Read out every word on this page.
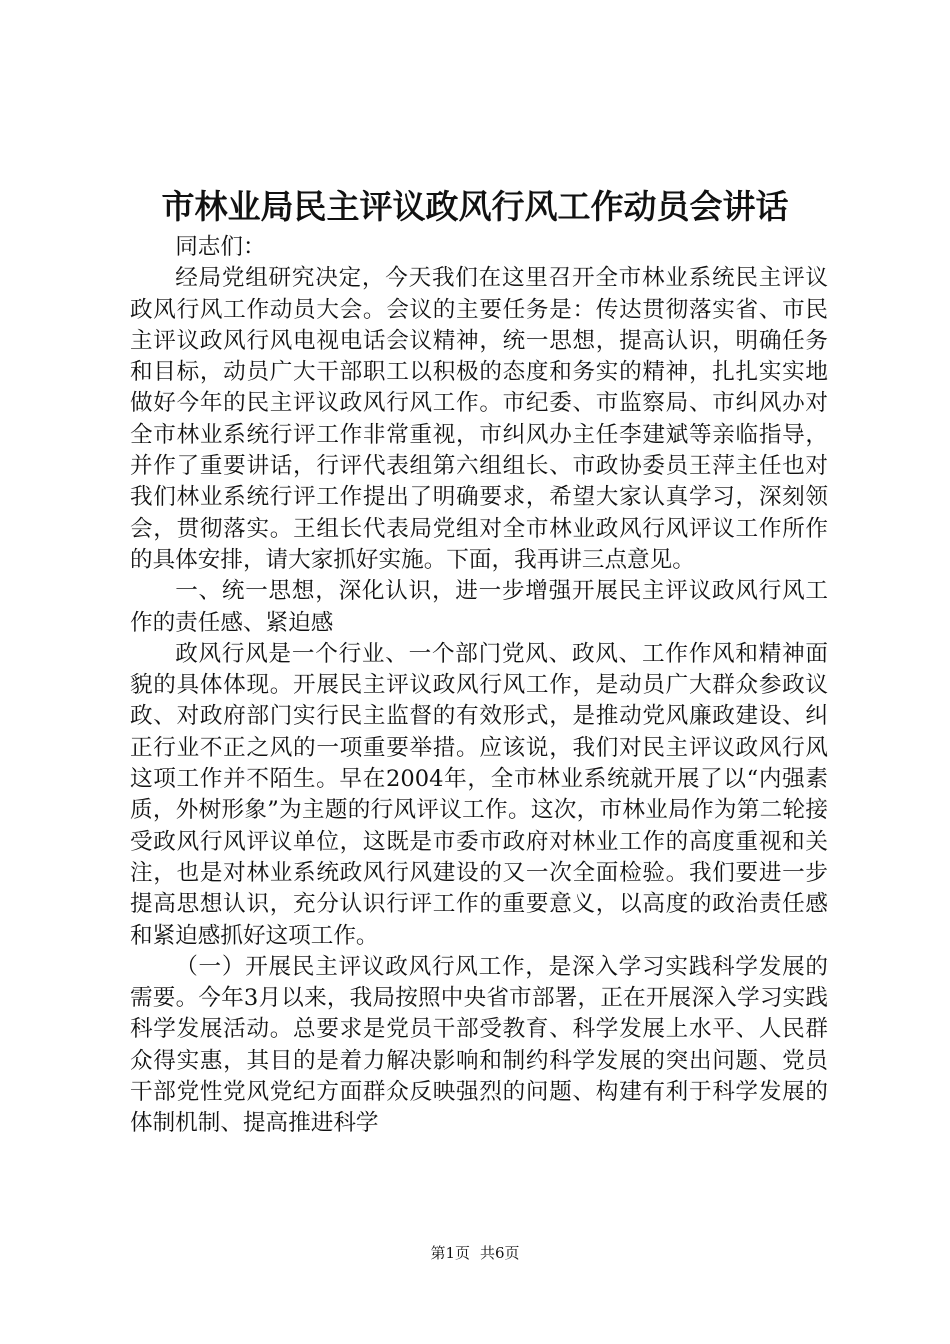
市林业局民主评议政风行风工作动员会讲话

同志们：

经局党组研究决定，今天我们在这里召开全市林业系统民主评议政风行风工作动员大会。会议的主要任务是：传达贯彻落实省、市民主评议政风行风电视电话会议精神，统一思想，提高认识，明确任务和目标，动员广大干部职工以积极的态度和务实的精神，扎扎实实地做好今年的民主评议政风行风工作。市纪委、市监察局、市纠风办对全市林业系统行评工作非常重视，市纠风办主任李建斌等亲临指导，并作了重要讲话，行评代表组第六组组长、市政协委员王萍主任也对我们林业系统行评工作提出了明确要求，希望大家认真学习，深刻领会，贯彻落实。王组长代表局党组对全市林业政风行风评议工作所作的具体安排，请大家抓好实施。下面，我再讲三点意见。

一、统一思想，深化认识，进一步增强开展民主评议政风行风工作的责任感、紧迫感

政风行风是一个行业、一个部门党风、政风、工作作风和精神面貌的具体体现。开展民主评议政风行风工作，是动员广大群众参政议政、对政府部门实行民主监督的有效形式，是推动党风廉政建设、纠正行业不正之风的一项重要举措。应该说，我们对民主评议政风行风这项工作并不陌生。早在2004年，全市林业系统就开展了以“内强素质，外树形象”为主题的行风评议工作。这次，市林业局作为第二轮接受政风行风评议单位，这既是市委市政府对林业工作的高度重视和关注，也是对林业系统政风行风建设的又一次全面检验。我们要进一步提高思想认识，充分认识行评工作的重要意义，以高度的政治责任感和紧迫感抓好这项工作。

（一）开展民主评议政风行风工作，是深入学习实践科学发展的需要。今年3月以来，我局按照中央省市部署，正在开展深入学习实践科学发展活动。总要求是党员干部受教育、科学发展上水平、人民群众得实惠，其目的是着力解决影响和制约科学发展的突出问题、党员干部党性党风党纪方面群众反映强烈的问题、构建有利于科学发展的体制机制、提高推进科学

第1页 共6页
